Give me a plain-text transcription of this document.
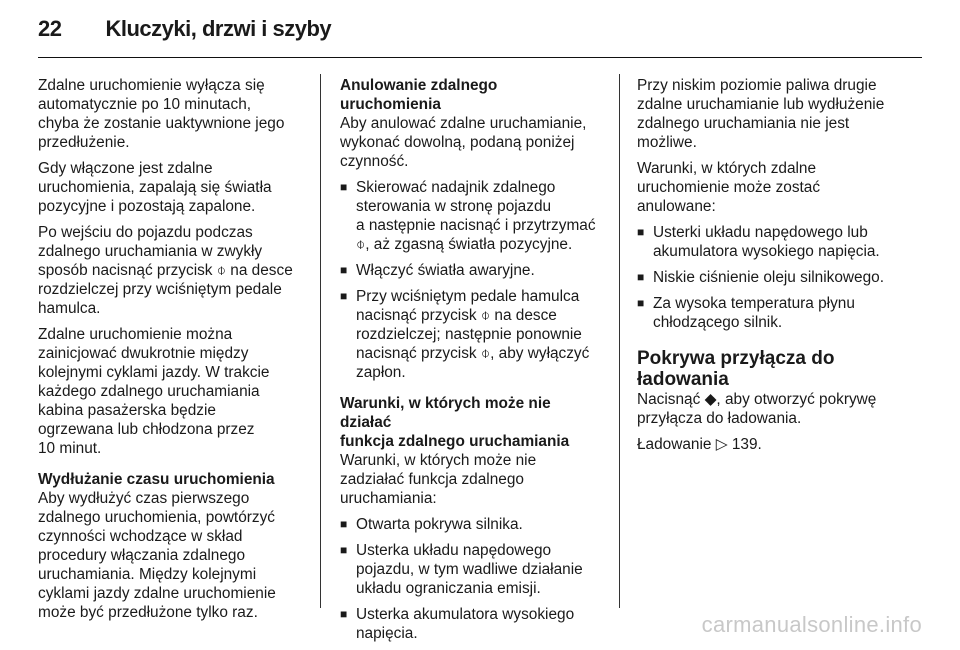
22 Kluczyki, drzwi i szyby

Zdalne uruchomienie wyłącza się
automatycznie po 10 minutach,
chyba że zostanie uaktywnione jego
przedłużenie.

Gdy włączone jest zdalne
uruchomienia, zapalają się światła
pozycyjne i pozostają zapalone.

Po wejściu do pojazdu podczas
zdalnego uruchamiania w zwykły
sposób nacisnąć przycisk ⌽ na desce
rozdzielczej przy wciśniętym pedale
hamulca.

Zdalne uruchomienie można
zainicjować dwukrotnie między
kolejnymi cyklami jazdy. W trakcie
każdego zdalnego uruchamiania
kabina pasażerska będzie
ogrzewana lub chłodzona przez
10 minut.

Wydłużanie czasu uruchomienia

Aby wydłużyć czas pierwszego
zdalnego uruchomienia, powtórzyć
czynności wchodzące w skład
procedury włączania zdalnego
uruchamiania. Między kolejnymi
cyklami jazdy zdalne uruchomienie
może być przedłużone tylko raz.

Anulowanie zdalnego uruchomienia

Aby anulować zdalne uruchamianie,
wykonać dowolną, podaną poniżej
czynność.

■ Skierować nadajnik zdalnego
sterowania w stronę pojazdu
a następnie nacisnąć i przytrzymać
⌽, aż zgasną światła pozycyjne.
■ Włączyć światła awaryjne.
■ Przy wciśniętym pedale hamulca
nacisnąć przycisk ⌽ na desce
rozdzielczej; następnie ponownie
nacisnąć przycisk ⌽, aby wyłączyć
zapłon.
Warunki, w których może nie działać
funkcja zdalnego uruchamiania

Warunki, w których może nie
zadziałać funkcja zdalnego
uruchamiania:

■ Otwarta pokrywa silnika.
■ Usterka układu napędowego
pojazdu, w tym wadliwe działanie
układu ograniczania emisji.
■ Usterka akumulatora wysokiego
napięcia.

Przy niskim poziomie paliwa drugie
zdalne uruchamianie lub wydłużenie
zdalnego uruchamiania nie jest
możliwe.

Warunki, w których zdalne
uruchomienie może zostać
anulowane:

■ Usterki układu napędowego lub
akumulatora wysokiego napięcia.
■ Niskie ciśnienie oleju silnikowego.
■ Za wysoka temperatura płynu
chłodzącego silnik.
Pokrywa przyłącza do
ładowania

Nacisnąć ◆, aby otworzyć pokrywę
przyłącza do ładowania.

Ładowanie ▷ 139.

carmanualsonline.info
